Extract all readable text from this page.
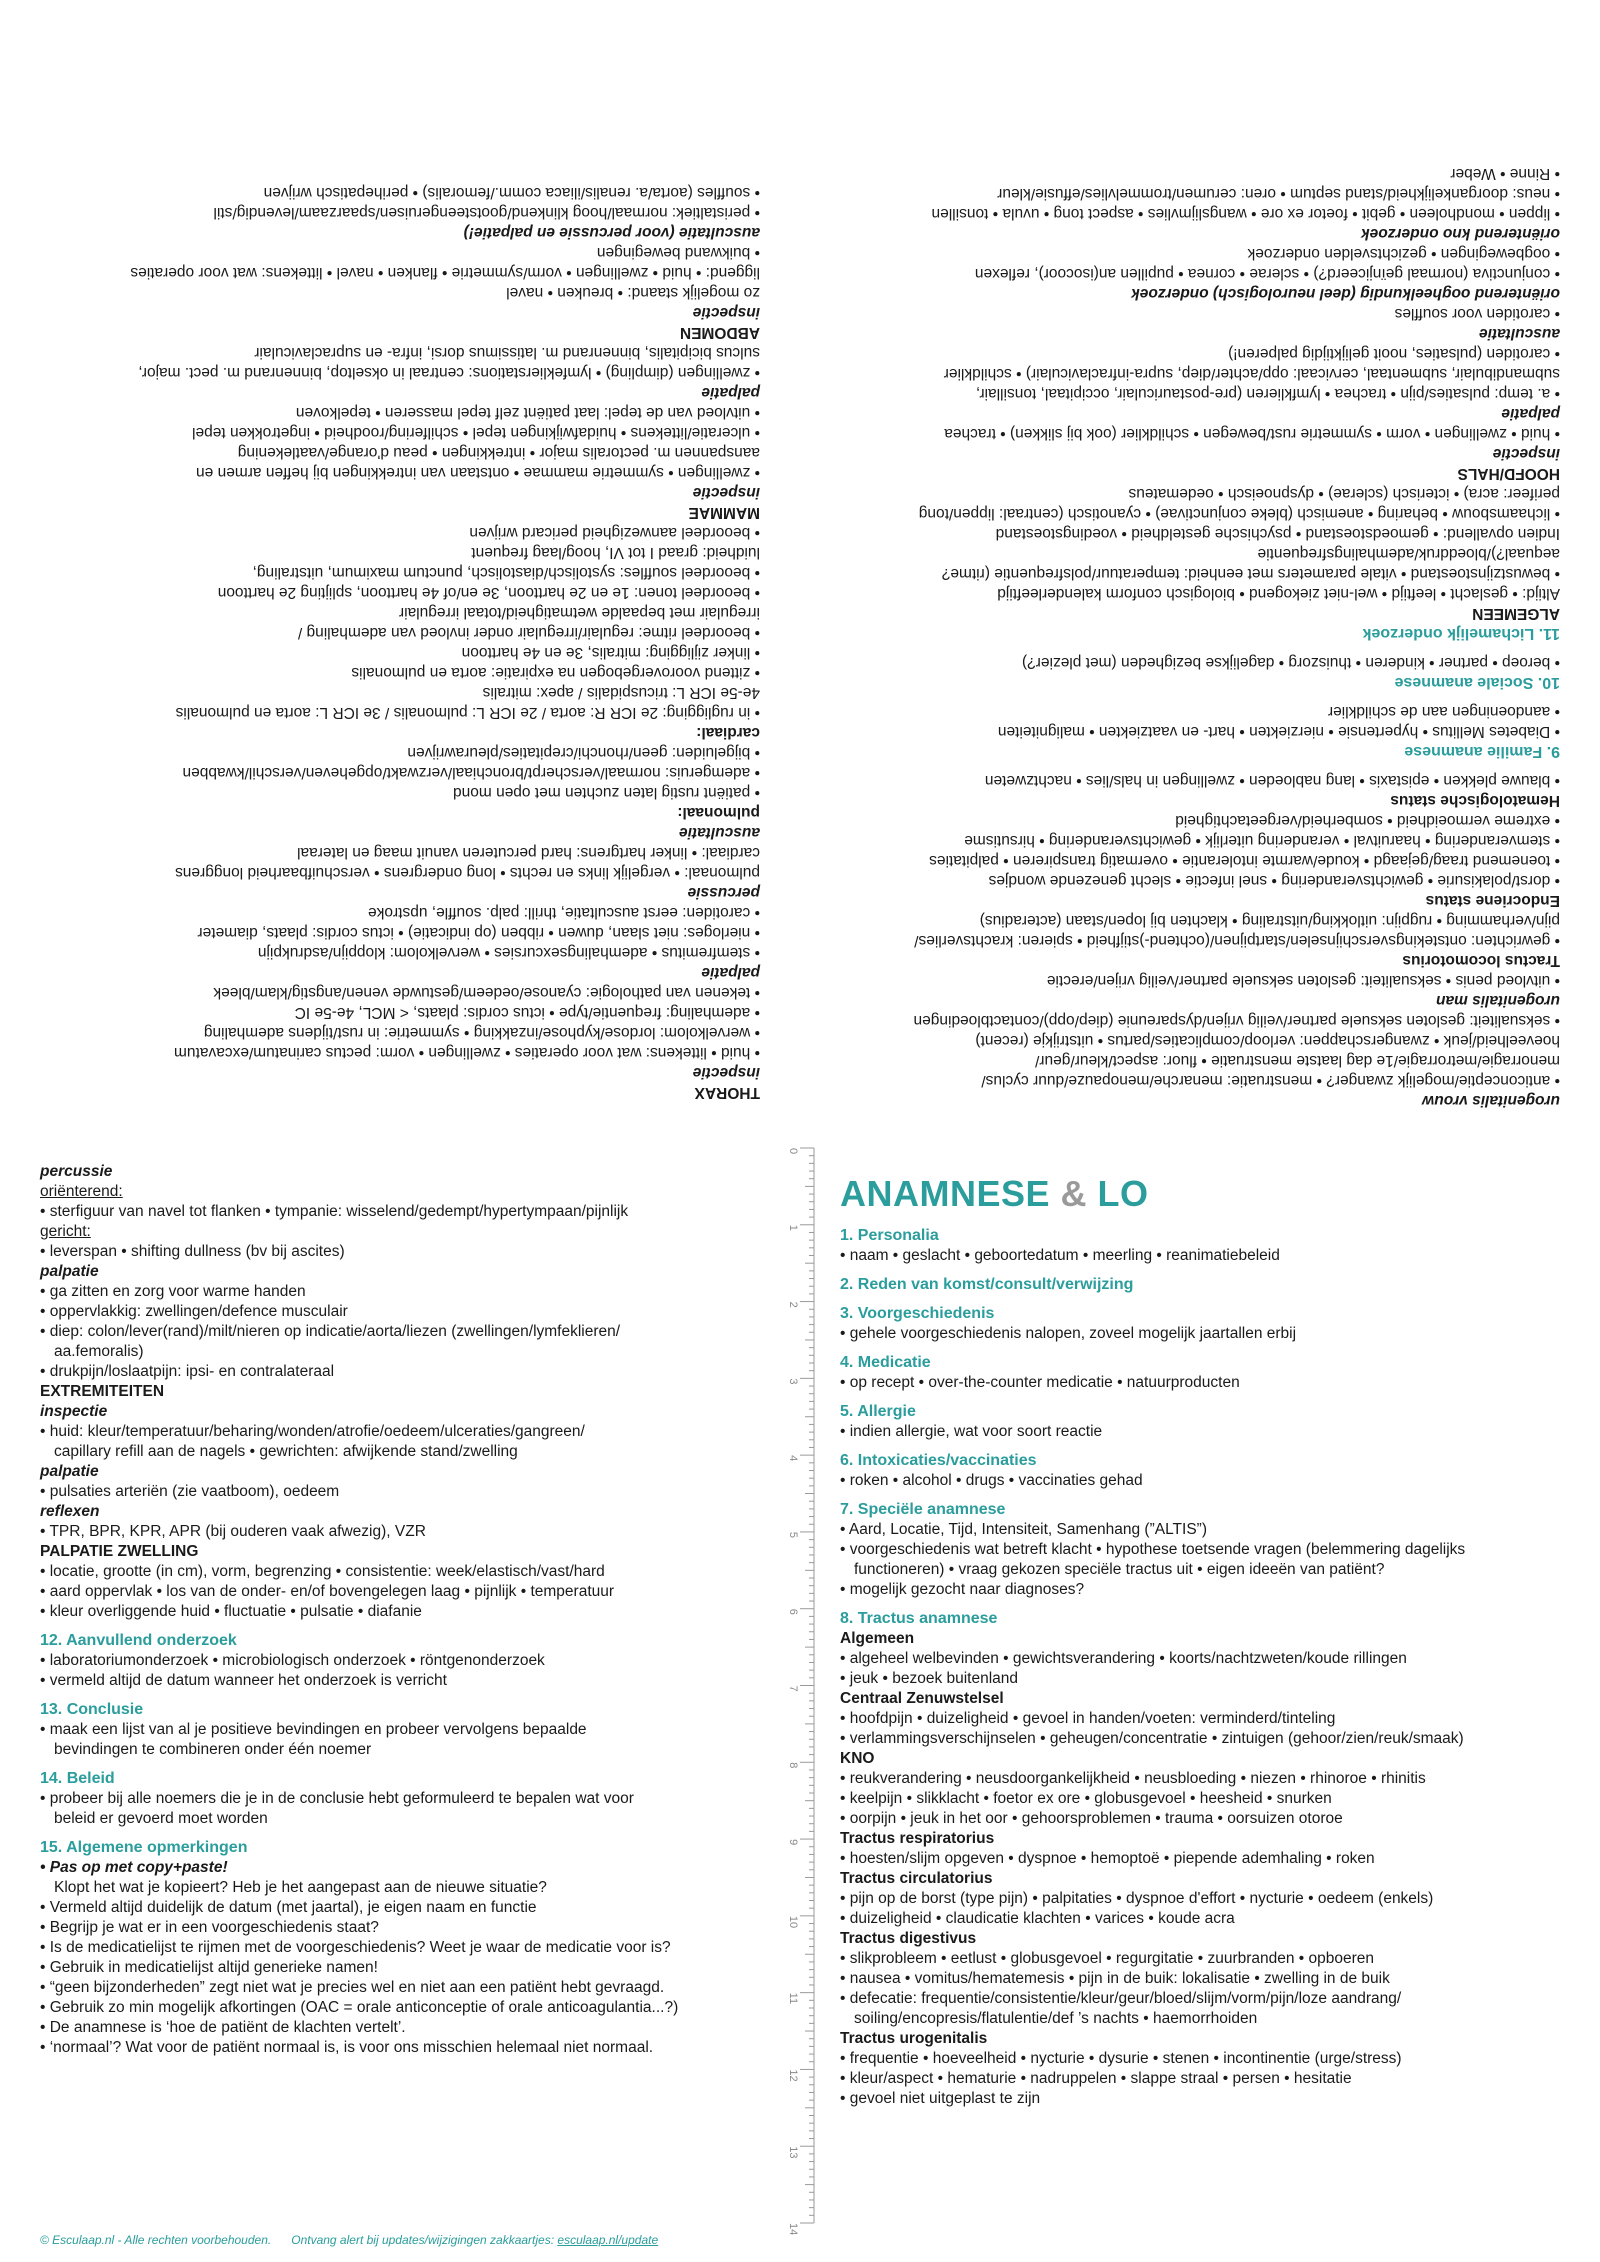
THORAX
inspectie
• huid • littekens: wat voor operaties • zwellingen • vorm: pectus carinatum/excavatum
• wervelkolom: lordose/kyphose/inzakking • symmetrie: in rust/tijdens ademhaling
• ademhaling: frequentie/type • ictus cordis: plaats, < MCL, 4e-5e IC
• tekenen van pathologie: cyanose/oedeem/gestuwde venen/angstig/klam/bleek
palpatie
• stemfremitus • ademhalingsexcursies • wervelkolom: kloppijn/asdrukpijn
• nierloges: niet slaan, duwen • ribben (op indicatie) • ictus cordis: plaats, diameter
• carotiden: eerst auscultatie, thrill: palp. souffle, upstroke
percussie
pulmonaal: • vergelijk links en rechts • long ondergrens • verschuifbaarheid longgrens
cardiaal: • linker hartgrens: hard percuteren vanuit maag en lateraal
auscultatie
pulmonaal:
• patiënt rustig laten zuchten met open mond
• ademgeruis: normaal/verscherpt/bronchiaal/verzwakt/opgeheven/verschil/kwabben
• bijgeluiden: geen/rhonchi/crepitaties/pleurawrijven
cardiaal:
• in rugligging: 2e ICR R: aorta / 2e ICR L: pulmonalis / 3e ICR L: aorta en pulmonalis
4e-5e ICR L: tricuspidalis / apex: mitralis
• zittend voorovergebogen na expiratie: aorta en pulmonalis
• linker zijligging: mitralis, 3e en 4e harttoon
• beoordeel ritme: regulair/irregulair onder invloed van ademhaling /
irregulair met bepaalde wetmatigheid/totaal irregulair
• beoordeel tonen: 1e en 2e harttoon, 3e en/of 4e harttoon, splijting 2e harttoon
• beoordeel souffles: systolisch/diastolisch, punctum maximum, uitstraling,
luidheid: graad I tot VI, hoog/laag frequent
• beoordeel aanwezigheid pericard wrijven
MAMMAE
inspectie
• zwellingen • symmetrie mammae • ontstaan van intrekkingen bij heffen armen en
aanspannen m. pectoralis major • intrekkingen • peau d'orange/vaatlekening
• ulceratie/littekens • huidafwijkingen tepel • schilfering/roodheid • ingetrokken tepel
• uitvloed van de tepel: laat patiënt zelf tepel masseren • tepelkoven
palpatie
• zwellingen (dimpling) • lymfeklierstations: centraal in okseltop, binnenrand m. pect. major,
sulcus bicipitalis, binnenrand m. latissimus dorsi, infra- en supraclaviculair
ABDOMEN
inspectie
zo mogelijk staand: • breuken • navel
liggend: • huid • zwellingen • vorm/symmetrie • flanken • navel • littekens: wat voor operaties
• buikwand bewegingen
auscultatie (voor percussie en palpatie!)
• peristaltiek: normaal/hoog klinkend/gootsteengeruisen/spaarzaam/levendig/stil
• souffles (aorta/a. renalis/iliaca comm./femoralis) • perihepatisch wrijven
urogenitalis vrouw
• anticonceptie/mogelijk zwanger? • menstruatie: menarche/menopauze/duur cyclus/
menorragie/metrorragie/1e dag laatste menstruatie • fluor: aspect/kleur/geur/
hoeveelheid/jeuk • zwangerschappen: verloop/complicaties/partus • uitstrijkje (recent)
• seksualiteit: gesloten seksuele partner/veilig vrijen/dyspareunie (diep/opp)/contactbloedingen
urogenitalis man
• uitvloed penis • seksualiteit: gesloten seksuele partner/veilig vrijen/erectie
Tractus locomotorius
• gewrichten: ontstekingsverschijnselen/startpijnen/(ochtend-)stijfheid • spieren: krachtsverlies/
pijn/verhamming • rugpijn: uitlokking/uitstraling • klachten bij lopen/staan (acteradius)
Endocriene status
• dorst/polakisurie • gewichtsverandering • snel infectie • slecht genezende wondjes
• toenemend traag/gejaagd • koude/warmte intolerantie • overmatig transpireren • palpitaties
• stemverandering • haaruitval • verandering uiterlijk • gewichtsverandering • hirsutisme
• extreme vermoeidheid • somberheid/vergeetachtigheid
Hematologische status
• blauwe plekken • epistaxis • lang nabloeden • zwellingen in hals/lies • nachtzweten
9. Familie anamnese
• Diabetes Mellitus • hypertensie • nierziekten • hart- en vaatziekten • maligniteiten
• aandoeningen aan de schildklier
10. Sociale anamnese
• beroep • partner • kinderen • thuiszorg • dagelijkse bezigheden (met plezier?)
11. Lichamelijk onderzoek
ALGEMEEN
Altijd: • geslacht • leeftijd • wel-niet ziekogend • biologisch conform kalenderleeftijd
• bewustzijnstoestand • vitale parameters met eenheid: temperatuur/polsfrequentie (ritme?
aequaal?)/bloeddruk/ademhalingsfrequentie
Indien opvallend: • gemoedstoestand • psychische gesteldheid • voedingstoestand
• lichaamsbouw • beharing • anemisch (bleke conjunctivae) • cyanotisch (centraal: lippen/tong
perifeer: acra) • icterisch (sclerae) • dyspnoeisch • oedemateus
HOOFD/HALS
inspectie
• huid • zwellingen • vorm • symmetrie rust/bewegen • schildklier (ook bij slikken) • trachea
palpatie
• a. temp: pulsaties/pijn • trachea • lymfklieren (pre-postauriculair, occipitaal, tonsillair,
submandibulair, submentaal, cervicaal: opp/achter/diep, supra-infraclaviculair) • schildklier
• carotiden (pulsaties, nooit gelijktijdig palperen!)
auscultatie
• carotiden voor souffles
oriënterend oogheelkundig (deel neurologisch) onderzoek
• conjunctiva (normaal geïnjiceerd?) • sclerae • cornea • pupillen an(isocoor), reflexen
• oogbewegingen • gezichtsvelden onderzoek
oriënterend kno onderzoek
• lippen • mondholeen • gebit • foetor ex ore • wangslijmvlies • aspect tong • uvula • tonsillen
• neus: doorgankelijkheid/stand septum • oren: cerumen/trommelvlies/effusie/kleur
• Rinne • Weber
percussie
oriënterend:
• sterfiguur van navel tot flanken • tympanie: wisselend/gedempt/hypertympaan/pijnlijk
gericht:
• leverspan • shifting dullness (bv bij ascites)
palpatie
• ga zitten en zorg voor warme handen
• oppervlakkig: zwellingen/defence musculair
• diep: colon/lever(rand)/milt/nieren op indicatie/aorta/liezen (zwellingen/lymfeklieren/
aa.femoralis)
• drukpijn/loslaatpijn: ipsi- en contralateraal
EXTREMITEITEN
inspectie
• huid: kleur/temperatuur/beharing/wonden/atrofie/oedeem/ulceraties/gangreen/
capillary refill aan de nagels • gewrichten: afwijkende stand/zwelling
palpatie
• pulsaties arteriën (zie vaatboom), oedeem
reflexen
• TPR, BPR, KPR, APR (bij ouderen vaak afwezig), VZR
PALPATIE ZWELLING
• locatie, grootte (in cm), vorm, begrenzing • consistentie: week/elastisch/vast/hard
• aard oppervlak • los van de onder- en/of bovengelegen laag • pijnlijk • temperatuur
• kleur overliggende huid • fluctuatie • pulsatie • diafanie
12. Aanvullend onderzoek
• laboratoriumonderzoek • microbiologisch onderzoek • röntgenonderzoek
• vermeld altijd de datum wanneer het onderzoek is verricht
13. Conclusie
• maak een lijst van al je positieve bevindingen en probeer vervolgens bepaalde
bevindingen te combineren onder één noemer
14. Beleid
• probeer bij alle noemers die je in de conclusie hebt geformuleerd te bepalen wat voor
beleid er gevoerd moet worden
15. Algemene opmerkingen
• Pas op met copy+paste!
Klopt het wat je kopieert? Heb je het aangepast aan de nieuwe situatie?
• Vermeld altijd duidelijk de datum (met jaartal), je eigen naam en functie
• Begrijp je wat er in een voorgeschiedenis staat?
• Is de medicatielijst te rijmen met de voorgeschiedenis? Weet je waar de medicatie voor is?
• Gebruik in medicatielijst altijd generieke namen!
• “geen bijzonderheden” zegt niet wat je precies wel en niet aan een patiënt hebt gevraagd.
• Gebruik zo min mogelijk afkortingen (OAC = orale anticonceptie of orale anticoagulantia...?)
• De anamnese is ‘hoe de patiënt de klachten vertelt’.
• ‘normaal’? Wat voor de patiënt normaal is, is voor ons misschien helemaal niet normaal.
© Esculaap.nl - Alle rechten voorbehouden. Ontvang alert bij updates/wijzigingen zakkaartjes: esculaap.nl/update
0
1
2
3
4
5
6
7
8
9
10
11
12
13
14
ANAMNESE & LO
1. Personalia
• naam • geslacht • geboortedatum • meerling • reanimatiebeleid
2. Reden van komst/consult/verwijzing
3. Voorgeschiedenis
• gehele voorgeschiedenis nalopen, zoveel mogelijk jaartallen erbij
4. Medicatie
• op recept • over-the-counter medicatie • natuurproducten
5. Allergie
• indien allergie, wat voor soort reactie
6. Intoxicaties/vaccinaties
• roken • alcohol • drugs • vaccinaties gehad
7. Speciële anamnese
• Aard, Locatie, Tijd, Intensiteit, Samenhang (”ALTIS”)
• voorgeschiedenis wat betreft klacht • hypothese toetsende vragen (belemmering dagelijks
functioneren) • vraag gekozen speciële tractus uit • eigen ideeën van patiënt?
• mogelijk gezocht naar diagnoses?
8. Tractus anamnese
Algemeen
• algeheel welbevinden • gewichtsverandering • koorts/nachtzweten/koude rillingen
• jeuk • bezoek buitenland
Centraal Zenuwstelsel
• hoofdpijn • duizeligheid • gevoel in handen/voeten: verminderd/tinteling
• verlammingsverschijnselen • geheugen/concentratie • zintuigen (gehoor/zien/reuk/smaak)
KNO
• reukverandering • neusdoorgankelijkheid • neusbloeding • niezen • rhinoroe • rhinitis
• keelpijn • slikklacht • foetor ex ore • globusgevoel • heesheid • snurken
• oorpijn • jeuk in het oor • gehoorsproblemen • trauma • oorsuizen otoroe
Tractus respiratorius
• hoesten/slijm opgeven • dyspnoe • hemoptoë • piepende ademhaling • roken
Tractus circulatorius
• pijn op de borst (type pijn) • palpitaties • dyspnoe d'effort • nycturie • oedeem (enkels)
• duizeligheid • claudicatie klachten • varices • koude acra
Tractus digestivus
• slikprobleem • eetlust • globusgevoel • regurgitatie • zuurbranden • opboeren
• nausea • vomitus/hematemesis • pijn in de buik: lokalisatie • zwelling in de buik
• defecatie: frequentie/consistentie/kleur/geur/bloed/slijm/vorm/pijn/loze aandrang/
soiling/encopresis/flatulentie/def ’s nachts • haemorrhoiden
Tractus urogenitalis
• frequentie • hoeveelheid • nycturie • dysurie • stenen • incontinentie (urge/stress)
• kleur/aspect • hematurie • nadruppelen • slappe straal • persen • hesitatie
• gevoel niet uitgeplast te zijn
